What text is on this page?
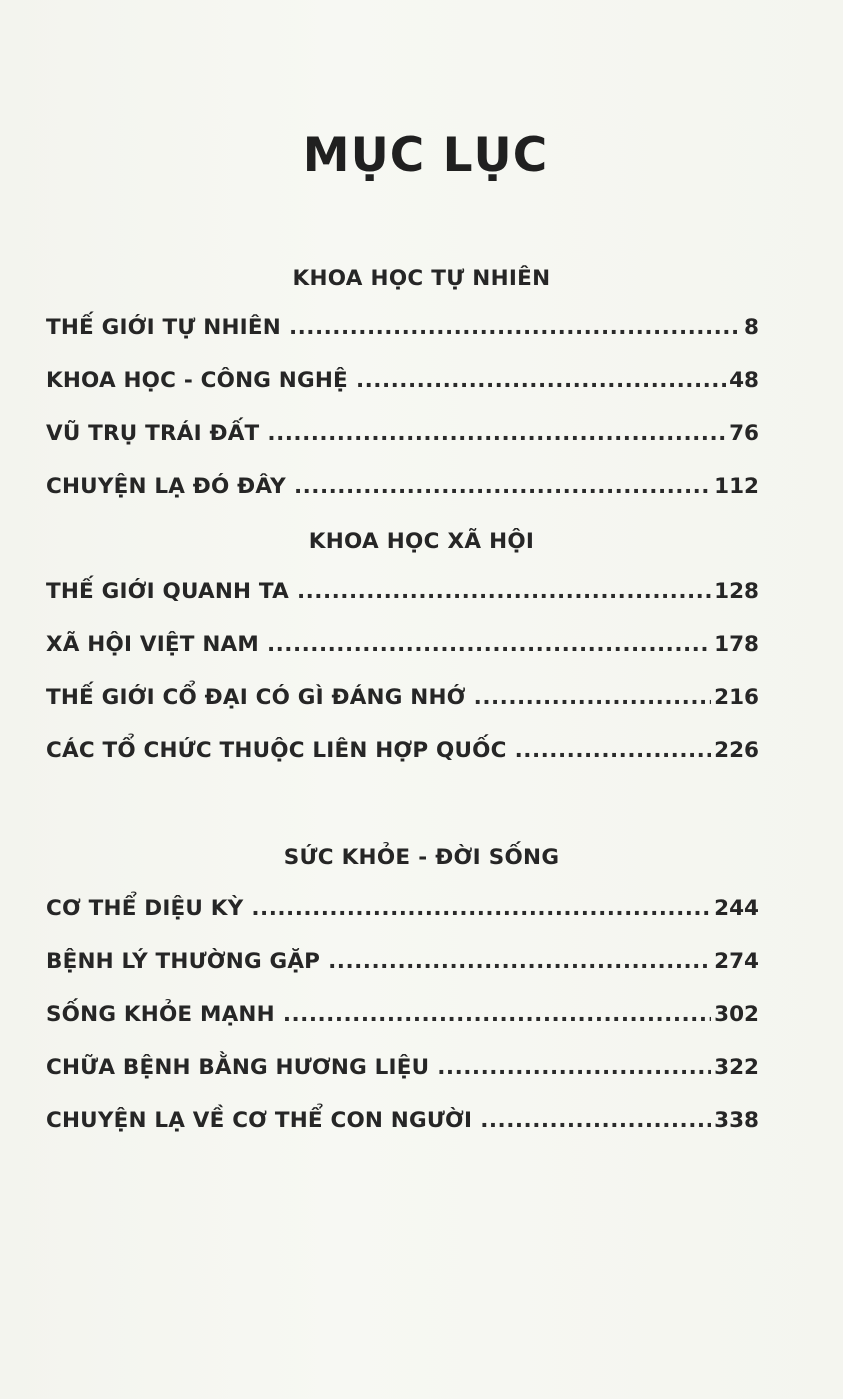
MỤC LỤC
KHOA HỌC TỰ NHIÊN
THẾ GIỚI TỰ NHIÊN .....	8
KHOA HỌC - CÔNG NGHỆ .....	48
VŨ TRỤ TRÁI ĐẤT .....	76
CHUYỆN LẠ ĐÓ ĐÂY .....	112
KHOA HỌC XÃ HỘI
THẾ GIỚI QUANH TA .....	128
XÃ HỘI VIỆT NAM .....	178
THẾ GIỚI CỔ ĐẠI CÓ GÌ ĐÁNG NHỚ .....	216
CÁC TỔ CHỨC THUỘC LIÊN HỢP QUỐC .....	226
SỨC KHỎE - ĐỜI SỐNG
CƠ THỂ DIỆU KỲ .....	244
BỆNH LÝ THƯỜNG GẶP .....	274
SỐNG KHỎE MẠNH .....	302
CHỮA BỆNH BẰNG HƯƠNG LIỆU .....	322
CHUYỆN LẠ VỀ CƠ THỂ CON NGƯỜI .....	338
